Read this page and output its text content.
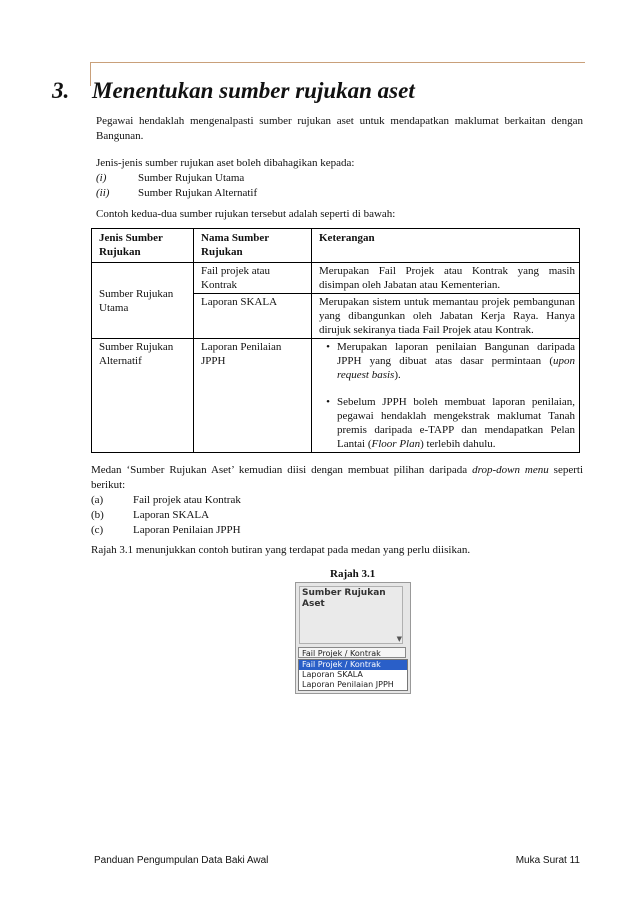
3. Menentukan sumber rujukan aset

Pegawai hendaklah mengenalpasti sumber rujukan aset untuk mendapatkan maklumat berkaitan dengan Bangunan.

Jenis-jenis sumber rujukan aset boleh dibahagikan kepada:

(i)	Sumber Rujukan Utama
(ii)	Sumber Rujukan Alternatif

Contoh kedua-dua sumber rujukan tersebut adalah seperti di bawah:

Jenis Sumber Rujukan	Nama Sumber Rujukan	Keterangan
Sumber Rujukan Utama	Fail projek atau Kontrak	Merupakan Fail Projek atau Kontrak yang masih disimpan oleh Jabatan atau Kementerian.
	Laporan SKALA	Merupakan sistem untuk memantau projek pembangunan yang dibangunkan oleh Jabatan Kerja Raya. Hanya dirujuk sekiranya tiada Fail Projek atau Kontrak.
Sumber Rujukan Alternatif	Laporan Penilaian JPPH	• Merupakan laporan penilaian Bangunan daripada JPPH yang dibuat atas dasar permintaan (upon request basis).
• Sebelum JPPH boleh membuat laporan penilaian, pegawai hendaklah mengekstrak maklumat Tanah premis daripada e-TAPP dan mendapatkan Pelan Lantai (Floor Plan) terlebih dahulu.

Medan ‘Sumber Rujukan Aset’ kemudian diisi dengan membuat pilihan daripada drop-down menu seperti berikut:

(a)	Fail projek atau Kontrak
(b)	Laporan SKALA
(c)	Laporan Penilaian JPPH

Rajah 3.1 menunjukkan contoh butiran yang terdapat pada medan yang perlu diisikan.

Rajah 3.1
Sumber Rujukan Aset
▼
Fail Projek / Kontrak
Fail Projek / Kontrak
Laporan SKALA
Laporan Penilaian JPPH
Panduan Pengumpulan Data Baki Awal	Muka Surat 11
